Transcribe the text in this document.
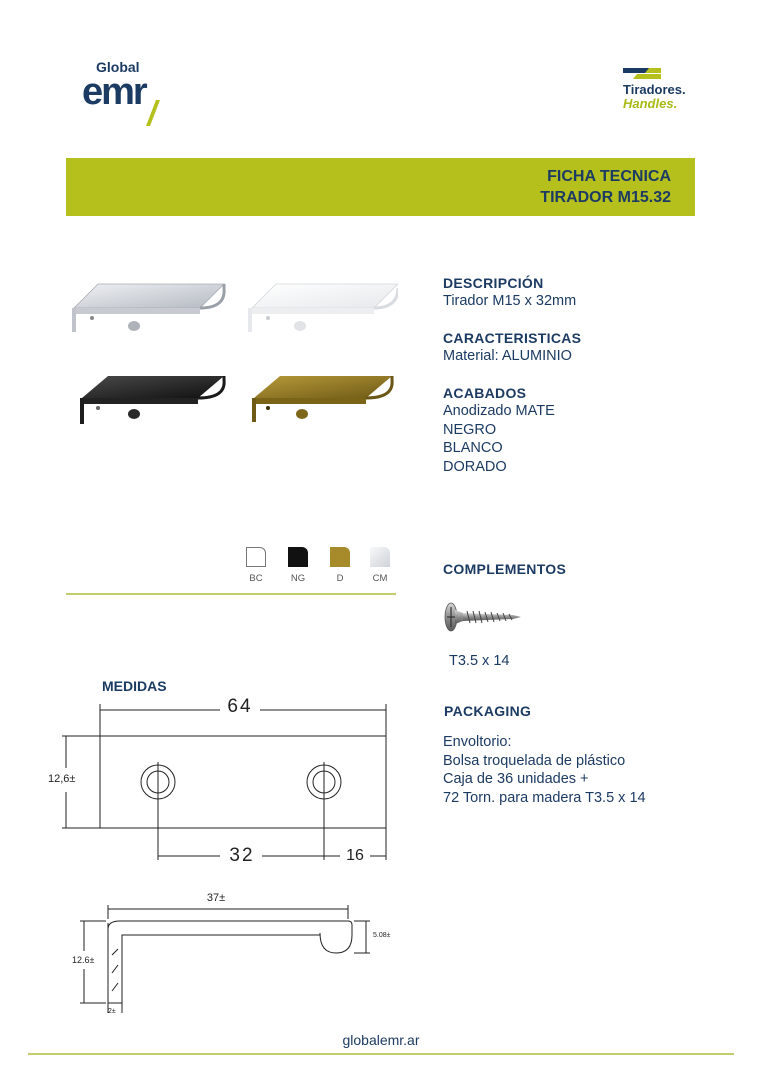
Global
emr	Tiradores.
Handles.
FICHA TECNICA
TIRADOR M15.32
DESCRIPCIÓN
Tirador M15 x 32mm
CARACTERISTICAS
Material: ALUMINIO
ACABADOS
Anodizado MATE
NEGRO
BLANCO
DORADO
BC	NG	D	CM
COMPLEMENTOS
T3.5 x 14
PACKAGING
Envoltorio:
Bolsa troquelada de plástico
Caja de 36 unidades +
72 Torn. para madera T3.5 x 14
MEDIDAS
64
32	16
12,6±
37±
12.6±
5.08±
2±
globalemr.ar
